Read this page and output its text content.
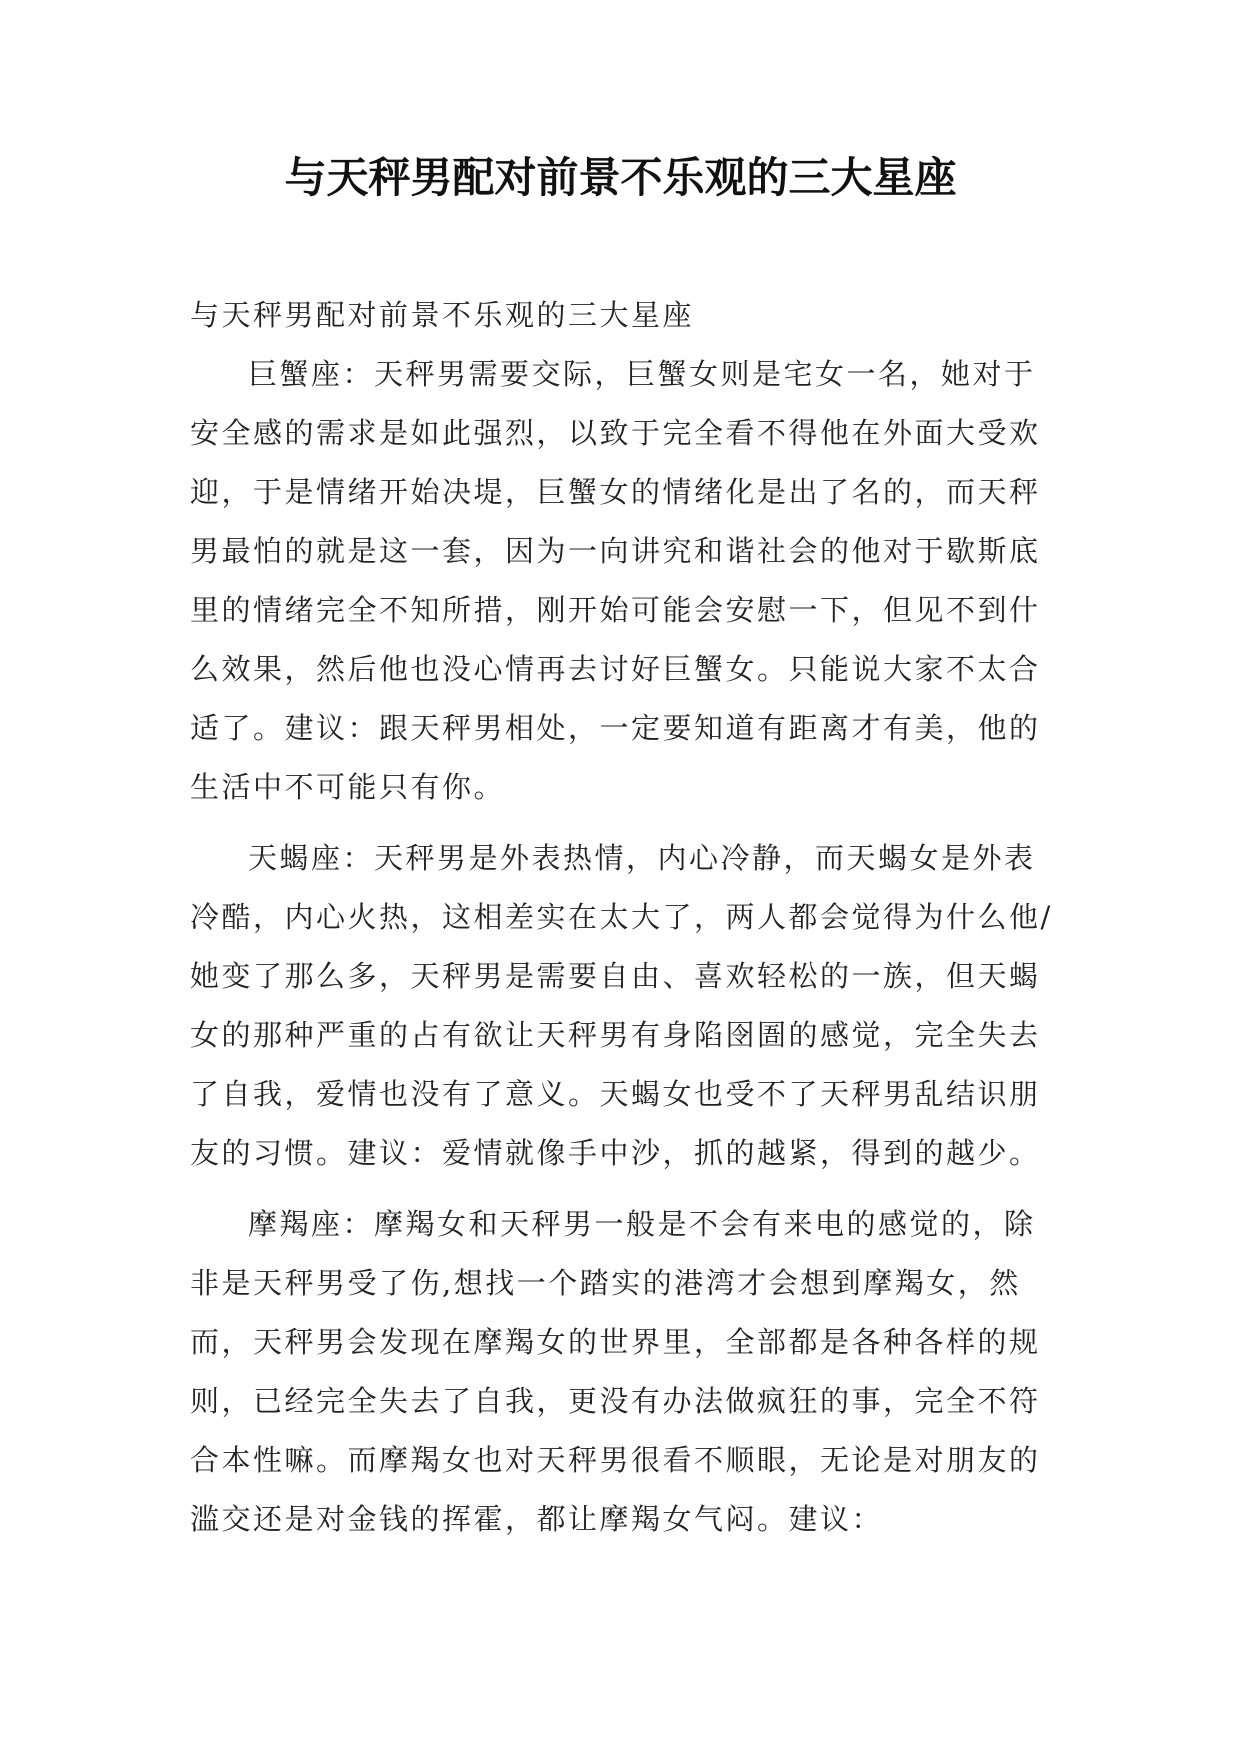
与天秤男配对前景不乐观的三大星座

与天秤男配对前景不乐观的三大星座

巨蟹座：天秤男需要交际，巨蟹女则是宅女一名，她对于安全感的需求是如此强烈，以致于完全看不得他在外面大受欢迎，于是情绪开始决堤，巨蟹女的情绪化是出了名的，而天秤男最怕的就是这一套，因为一向讲究和谐社会的他对于歇斯底里的情绪完全不知所措，刚开始可能会安慰一下，但见不到什么效果，然后他也没心情再去讨好巨蟹女。只能说大家不太合适了。建议：跟天秤男相处，一定要知道有距离才有美，他的生活中不可能只有你。

天蝎座：天秤男是外表热情，内心冷静，而天蝎女是外表冷酷，内心火热，这相差实在太大了，两人都会觉得为什么他/她变了那么多，天秤男是需要自由、喜欢轻松的一族，但天蝎女的那种严重的占有欲让天秤男有身陷囹圄的感觉，完全失去了自我，爱情也没有了意义。天蝎女也受不了天秤男乱结识朋友的习惯。建议：爱情就像手中沙，抓的越紧，得到的越少。

摩羯座：摩羯女和天秤男一般是不会有来电的感觉的，除非是天秤男受了伤,想找一个踏实的港湾才会想到摩羯女，然而，天秤男会发现在摩羯女的世界里，全部都是各种各样的规则，已经完全失去了自我，更没有办法做疯狂的事，完全不符合本性嘛。而摩羯女也对天秤男很看不顺眼，无论是对朋友的滥交还是对金钱的挥霍，都让摩羯女气闷。建议：
